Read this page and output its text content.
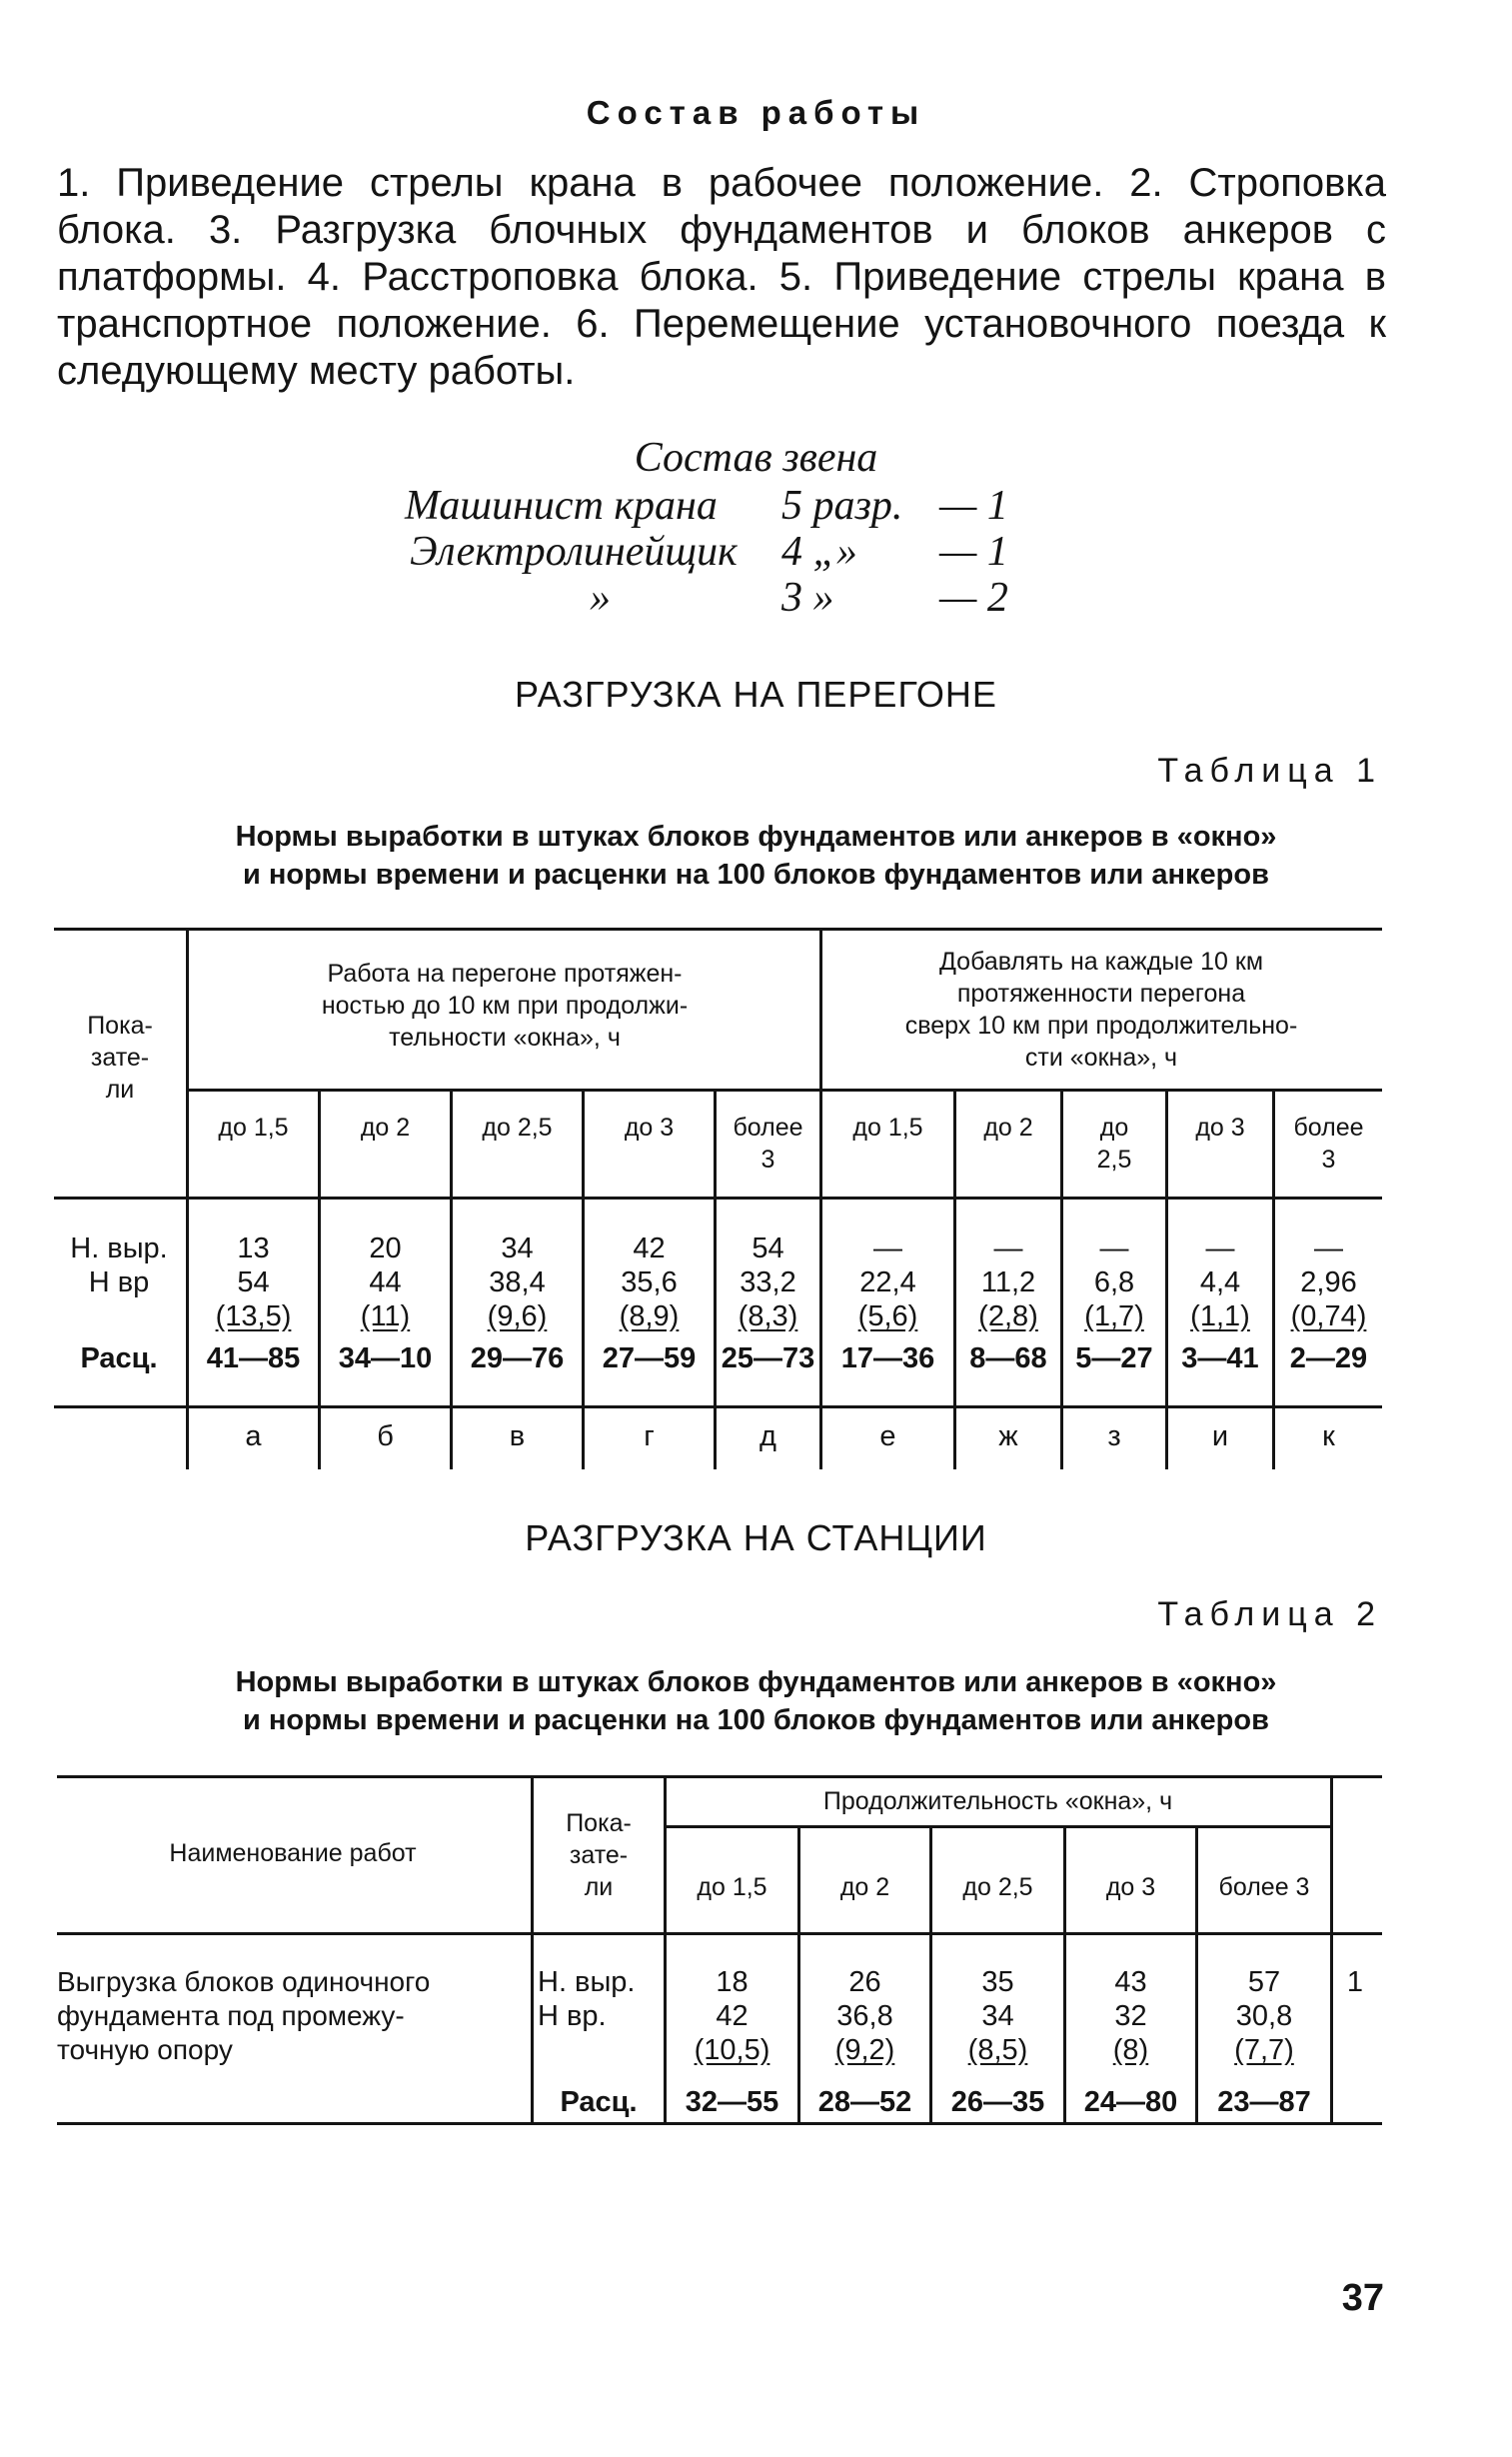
Состав работы
1. Приведение стрелы крана в рабочее положение. 2. Строповка блока. 3. Разгрузка блочных фундаментов и блоков анкеров с платформы. 4. Расстроповка блока. 5. Приведение стрелы крана в транспортное положение. 6. Перемещение установочного поезда к следующему месту работы.
Состав звена
Машинист крана 5 разр. — 1
Электролинейщик 4 „» — 1
»	3 »	— 2
РАЗГРУЗКА НА ПЕРЕГОНЕ
Таблица 1
Нормы выработки в штуках блоков фундаментов или анкеров в «окно»
и нормы времени и расценки на 100 блоков фундаментов или анкеров
Пока-
зате-
ли
Работа на перегоне протяжен-
ностью до 10 км при продолжи-
тельности «окна», ч
Добавлять на каждые 10 км
протяженности перегона
сверх 10 км при продолжительно-
сти «окна», ч
Н. выр.
Н вр
Расц.
до 1,5
13
54
(13,5)
41—85
а
до 2
20
44
(11)
34—10
б
до 2,5
34
38,4
(9,6)
29—76
в
до 3
42
35,6
(8,9)
27—59
г
более
3
54
33,2
(8,3)
25—73
д
до 1,5
—
22,4
(5,6)
17—36
е
до 2
—
11,2
(2,8)
8—68
ж
до
2,5
—
6,8
(1,7)
5—27
з
до 3
—
4,4
(1,1)
3—41
и
более
3
—
2,96
(0,74)
2—29
к
РАЗГРУЗКА НА СТАНЦИИ
Таблица 2
Нормы выработки в штуках блоков фундаментов или анкеров в «окно»
и нормы времени и расценки на 100 блоков фундаментов или анкеров
Наименование работ
Пока-
зате-
ли
Продолжительность «окна», ч
Выгрузка блоков одиночного
фундамента под промежу-
точную опору
Н. выр.
Н вр.
Расц.
1
до 1,5
18
42
(10,5)
32—55
до 2
26
36,8
(9,2)
28—52
до 2,5
35
34
(8,5)
26—35
до 3
43
32
(8)
24—80
более 3
57
30,8
(7,7)
23—87
37
